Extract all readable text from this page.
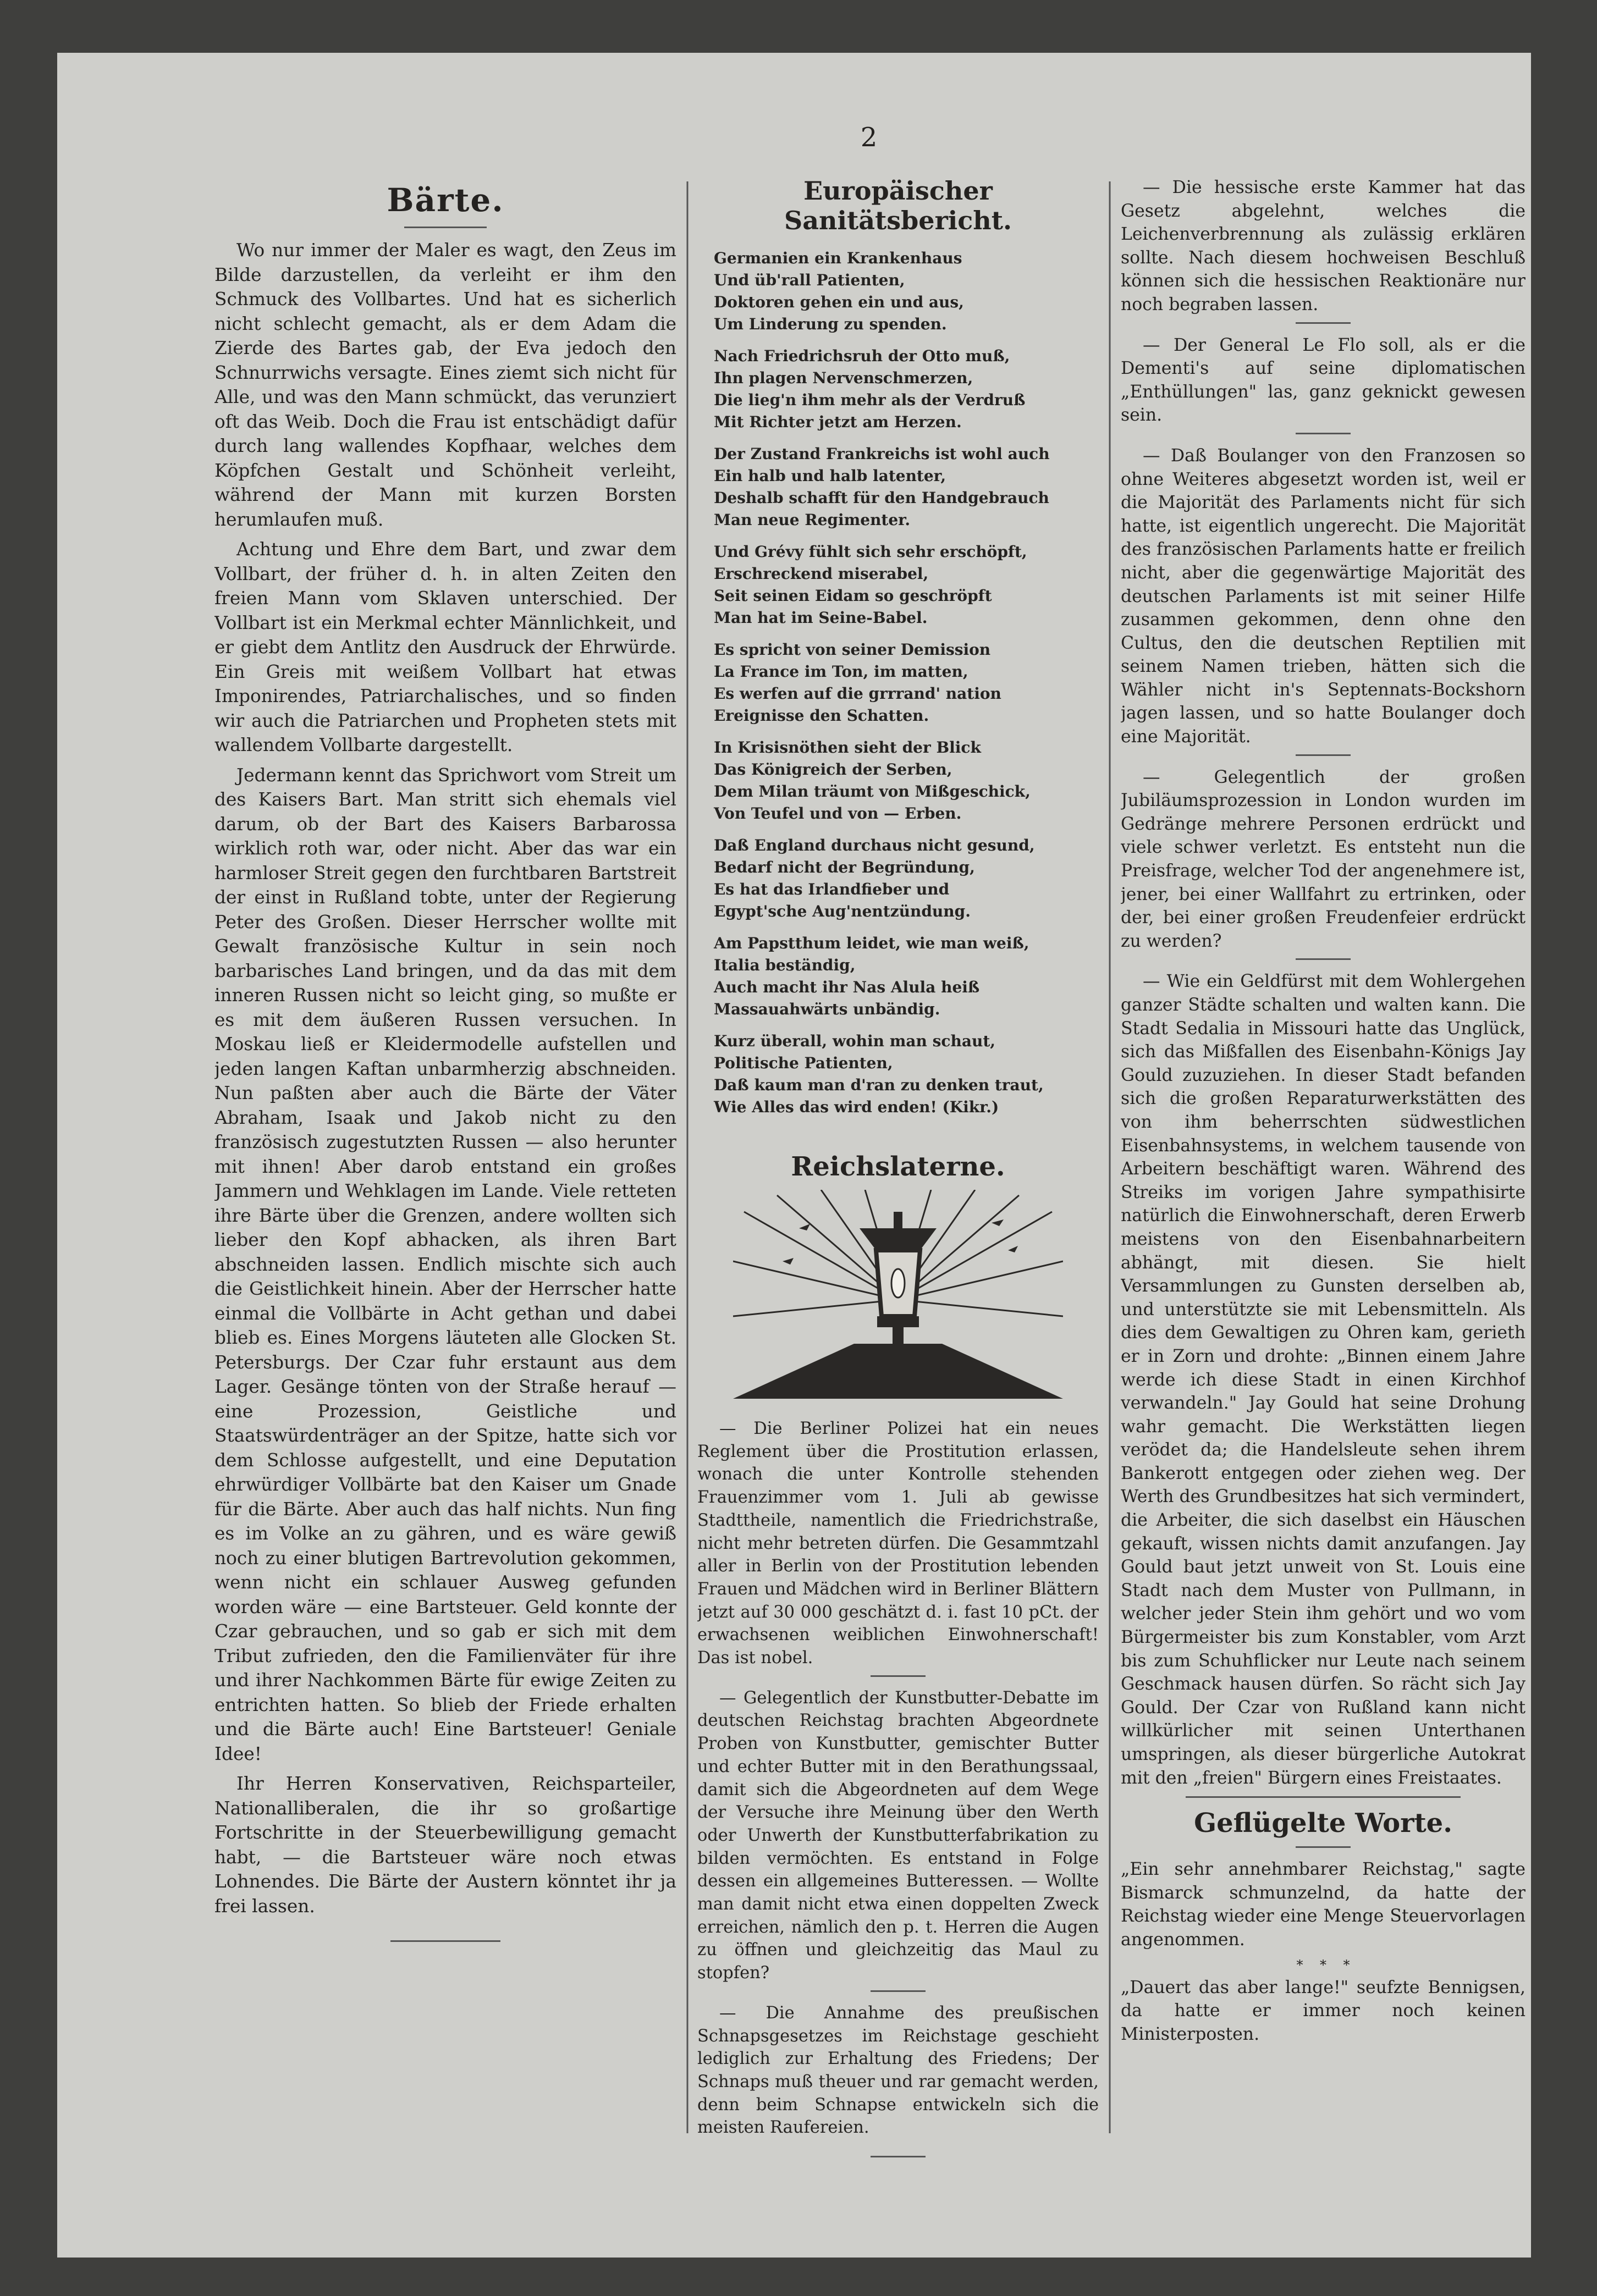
2
Bärte.

Wo nur immer der Maler es wagt, den Zeus im Bilde darzustellen, da verleiht er ihm den Schmuck des Vollbartes. Und hat es sicherlich nicht schlecht gemacht, als er dem Adam die Zierde des Bartes gab, der Eva jedoch den Schnurrwichs versagte. Eines ziemt sich nicht für Alle, und was den Mann schmückt, das verunziert oft das Weib. Doch die Frau ist entschädigt dafür durch lang wallendes Kopfhaar, welches dem Köpfchen Gestalt und Schönheit verleiht, während der Mann mit kurzen Borsten herumlaufen muß.

Achtung und Ehre dem Bart, und zwar dem Vollbart, der früher d. h. in alten Zeiten den freien Mann vom Sklaven unterschied. Der Vollbart ist ein Merkmal echter Männlichkeit, und er giebt dem Antlitz den Ausdruck der Ehrwürde. Ein Greis mit weißem Vollbart hat etwas Imponirendes, Patriarchalisches, und so finden wir auch die Patriarchen und Propheten stets mit wallendem Vollbarte dargestellt.

Jedermann kennt das Sprichwort vom Streit um des Kaisers Bart. Man stritt sich ehemals viel darum, ob der Bart des Kaisers Barbarossa wirklich roth war, oder nicht. Aber das war ein harmloser Streit gegen den furchtbaren Bartstreit der einst in Rußland tobte, unter der Regierung Peter des Großen. Dieser Herrscher wollte mit Gewalt französische Kultur in sein noch barbarisches Land bringen, und da das mit dem inneren Russen nicht so leicht ging, so mußte er es mit dem äußeren Russen versuchen. In Moskau ließ er Kleidermodelle aufstellen und jeden langen Kaftan unbarmherzig abschneiden. Nun paßten aber auch die Bärte der Väter Abraham, Isaak und Jakob nicht zu den französisch zugestutzten Russen — also herunter mit ihnen! Aber darob entstand ein großes Jammern und Wehklagen im Lande. Viele retteten ihre Bärte über die Grenzen, andere wollten sich lieber den Kopf abhacken, als ihren Bart abschneiden lassen. Endlich mischte sich auch die Geistlichkeit hinein. Aber der Herrscher hatte einmal die Vollbärte in Acht gethan und dabei blieb es. Eines Morgens läuteten alle Glocken St. Petersburgs. Der Czar fuhr erstaunt aus dem Lager. Gesänge tönten von der Straße herauf — eine Prozession, Geistliche und Staatswürdenträger an der Spitze, hatte sich vor dem Schlosse aufgestellt, und eine Deputation ehrwürdiger Vollbärte bat den Kaiser um Gnade für die Bärte. Aber auch das half nichts. Nun fing es im Volke an zu gähren, und es wäre gewiß noch zu einer blutigen Bartrevolution gekommen, wenn nicht ein schlauer Ausweg gefunden worden wäre — eine Bartsteuer. Geld konnte der Czar gebrauchen, und so gab er sich mit dem Tribut zufrieden, den die Familienväter für ihre und ihrer Nachkommen Bärte für ewige Zeiten zu entrichten hatten. So blieb der Friede erhalten und die Bärte auch! Eine Bartsteuer! Geniale Idee!

Ihr Herren Konservativen, Reichsparteiler, Nationalliberalen, die ihr so großartige Fortschritte in der Steuerbewilligung gemacht habt, — die Bartsteuer wäre noch etwas Lohnendes. Die Bärte der Austern könntet ihr ja frei lassen.

Europäischer Sanitätsbericht.
Germanien ein Krankenhaus
Und üb'rall Patienten,
Doktoren gehen ein und aus,
Um Linderung zu spenden.
Nach Friedrichsruh der Otto muß,
Ihn plagen Nervenschmerzen,
Die lieg'n ihm mehr als der Verdruß
Mit Richter jetzt am Herzen.
Der Zustand Frankreichs ist wohl auch
Ein halb und halb latenter,
Deshalb schafft für den Handgebrauch
Man neue Regimenter.
Und Grévy fühlt sich sehr erschöpft,
Erschreckend miserabel,
Seit seinen Eidam so geschröpft
Man hat im Seine-Babel.
Es spricht von seiner Demission
La France im Ton, im matten,
Es werfen auf die grrrand' nation
Ereignisse den Schatten.
In Krisisnöthen sieht der Blick
Das Königreich der Serben,
Dem Milan träumt von Mißgeschick,
Von Teufel und von — Erben.
Daß England durchaus nicht gesund,
Bedarf nicht der Begründung,
Es hat das Irlandfieber und
Egypt'sche Aug'nentzündung.
Am Papstthum leidet, wie man weiß,
Italia beständig,
Auch macht ihr Nas Alula heiß
Massauahwärts unbändig.
Kurz überall, wohin man schaut,
Politische Patienten,
Daß kaum man d'ran zu denken traut,
Wie Alles das wird enden! (Kikr.)
Reichslaterne.

— Die Berliner Polizei hat ein neues Reglement über die Prostitution erlassen, wonach die unter Kontrolle stehenden Frauenzimmer vom 1. Juli ab gewisse Stadttheile, namentlich die Friedrichstraße, nicht mehr betreten dürfen. Die Gesammtzahl aller in Berlin von der Prostitution lebenden Frauen und Mädchen wird in Berliner Blättern jetzt auf 30 000 geschätzt d. i. fast 10 pCt. der erwachsenen weiblichen Einwohnerschaft! Das ist nobel.

— Gelegentlich der Kunstbutter-Debatte im deutschen Reichstag brachten Abgeordnete Proben von Kunstbutter, gemischter Butter und echter Butter mit in den Berathungssaal, damit sich die Abgeordneten auf dem Wege der Versuche ihre Meinung über den Werth oder Unwerth der Kunstbutterfabrikation zu bilden vermöchten. Es entstand in Folge dessen ein allgemeines Butteressen. — Wollte man damit nicht etwa einen doppelten Zweck erreichen, nämlich den p. t. Herren die Augen zu öffnen und gleichzeitig das Maul zu stopfen?

— Die Annahme des preußischen Schnapsgesetzes im Reichstage geschieht lediglich zur Erhaltung des Friedens; Der Schnaps muß theuer und rar gemacht werden, denn beim Schnapse entwickeln sich die meisten Raufereien.

— Die hessische erste Kammer hat das Gesetz abgelehnt, welches die Leichenverbrennung als zulässig erklären sollte. Nach diesem hochweisen Beschluß können sich die hessischen Reaktionäre nur noch begraben lassen.

— Der General Le Flo soll, als er die Dementi's auf seine diplomatischen „Enthüllungen" las, ganz geknickt gewesen sein.

— Daß Boulanger von den Franzosen so ohne Weiteres abgesetzt worden ist, weil er die Majorität des Parlaments nicht für sich hatte, ist eigentlich ungerecht. Die Majorität des französischen Parlaments hatte er freilich nicht, aber die gegenwärtige Majorität des deutschen Parlaments ist mit seiner Hilfe zusammen gekommen, denn ohne den Cultus, den die deutschen Reptilien mit seinem Namen trieben, hätten sich die Wähler nicht in's Septennats-Bockshorn jagen lassen, und so hatte Boulanger doch eine Majorität.

— Gelegentlich der großen Jubiläumsprozession in London wurden im Gedränge mehrere Personen erdrückt und viele schwer verletzt. Es entsteht nun die Preisfrage, welcher Tod der angenehmere ist, jener, bei einer Wallfahrt zu ertrinken, oder der, bei einer großen Freudenfeier erdrückt zu werden?

— Wie ein Geldfürst mit dem Wohlergehen ganzer Städte schalten und walten kann. Die Stadt Sedalia in Missouri hatte das Unglück, sich das Mißfallen des Eisenbahn-Königs Jay Gould zuzuziehen. In dieser Stadt befanden sich die großen Reparaturwerkstätten des von ihm beherrschten südwestlichen Eisenbahnsystems, in welchem tausende von Arbeitern beschäftigt waren. Während des Streiks im vorigen Jahre sympathisirte natürlich die Einwohnerschaft, deren Erwerb meistens von den Eisenbahnarbeitern abhängt, mit diesen. Sie hielt Versammlungen zu Gunsten derselben ab, und unterstützte sie mit Lebensmitteln. Als dies dem Gewaltigen zu Ohren kam, gerieth er in Zorn und drohte: „Binnen einem Jahre werde ich diese Stadt in einen Kirchhof verwandeln." Jay Gould hat seine Drohung wahr gemacht. Die Werkstätten liegen verödet da; die Handelsleute sehen ihrem Bankerott entgegen oder ziehen weg. Der Werth des Grundbesitzes hat sich vermindert, die Arbeiter, die sich daselbst ein Häuschen gekauft, wissen nichts damit anzufangen. Jay Gould baut jetzt unweit von St. Louis eine Stadt nach dem Muster von Pullmann, in welcher jeder Stein ihm gehört und wo vom Bürgermeister bis zum Konstabler, vom Arzt bis zum Schuhflicker nur Leute nach seinem Geschmack hausen dürfen. So rächt sich Jay Gould. Der Czar von Rußland kann nicht willkürlicher mit seinen Unterthanen umspringen, als dieser bürgerliche Autokrat mit den „freien" Bürgern eines Freistaates.

Geflügelte Worte.

„Ein sehr annehmbarer Reichstag," sagte Bismarck schmunzelnd, da hatte der Reichstag wieder eine Menge Steuervorlagen angenommen.

*    *    *

„Dauert das aber lange!" seufzte Bennigsen, da hatte er immer noch keinen Ministerposten.
